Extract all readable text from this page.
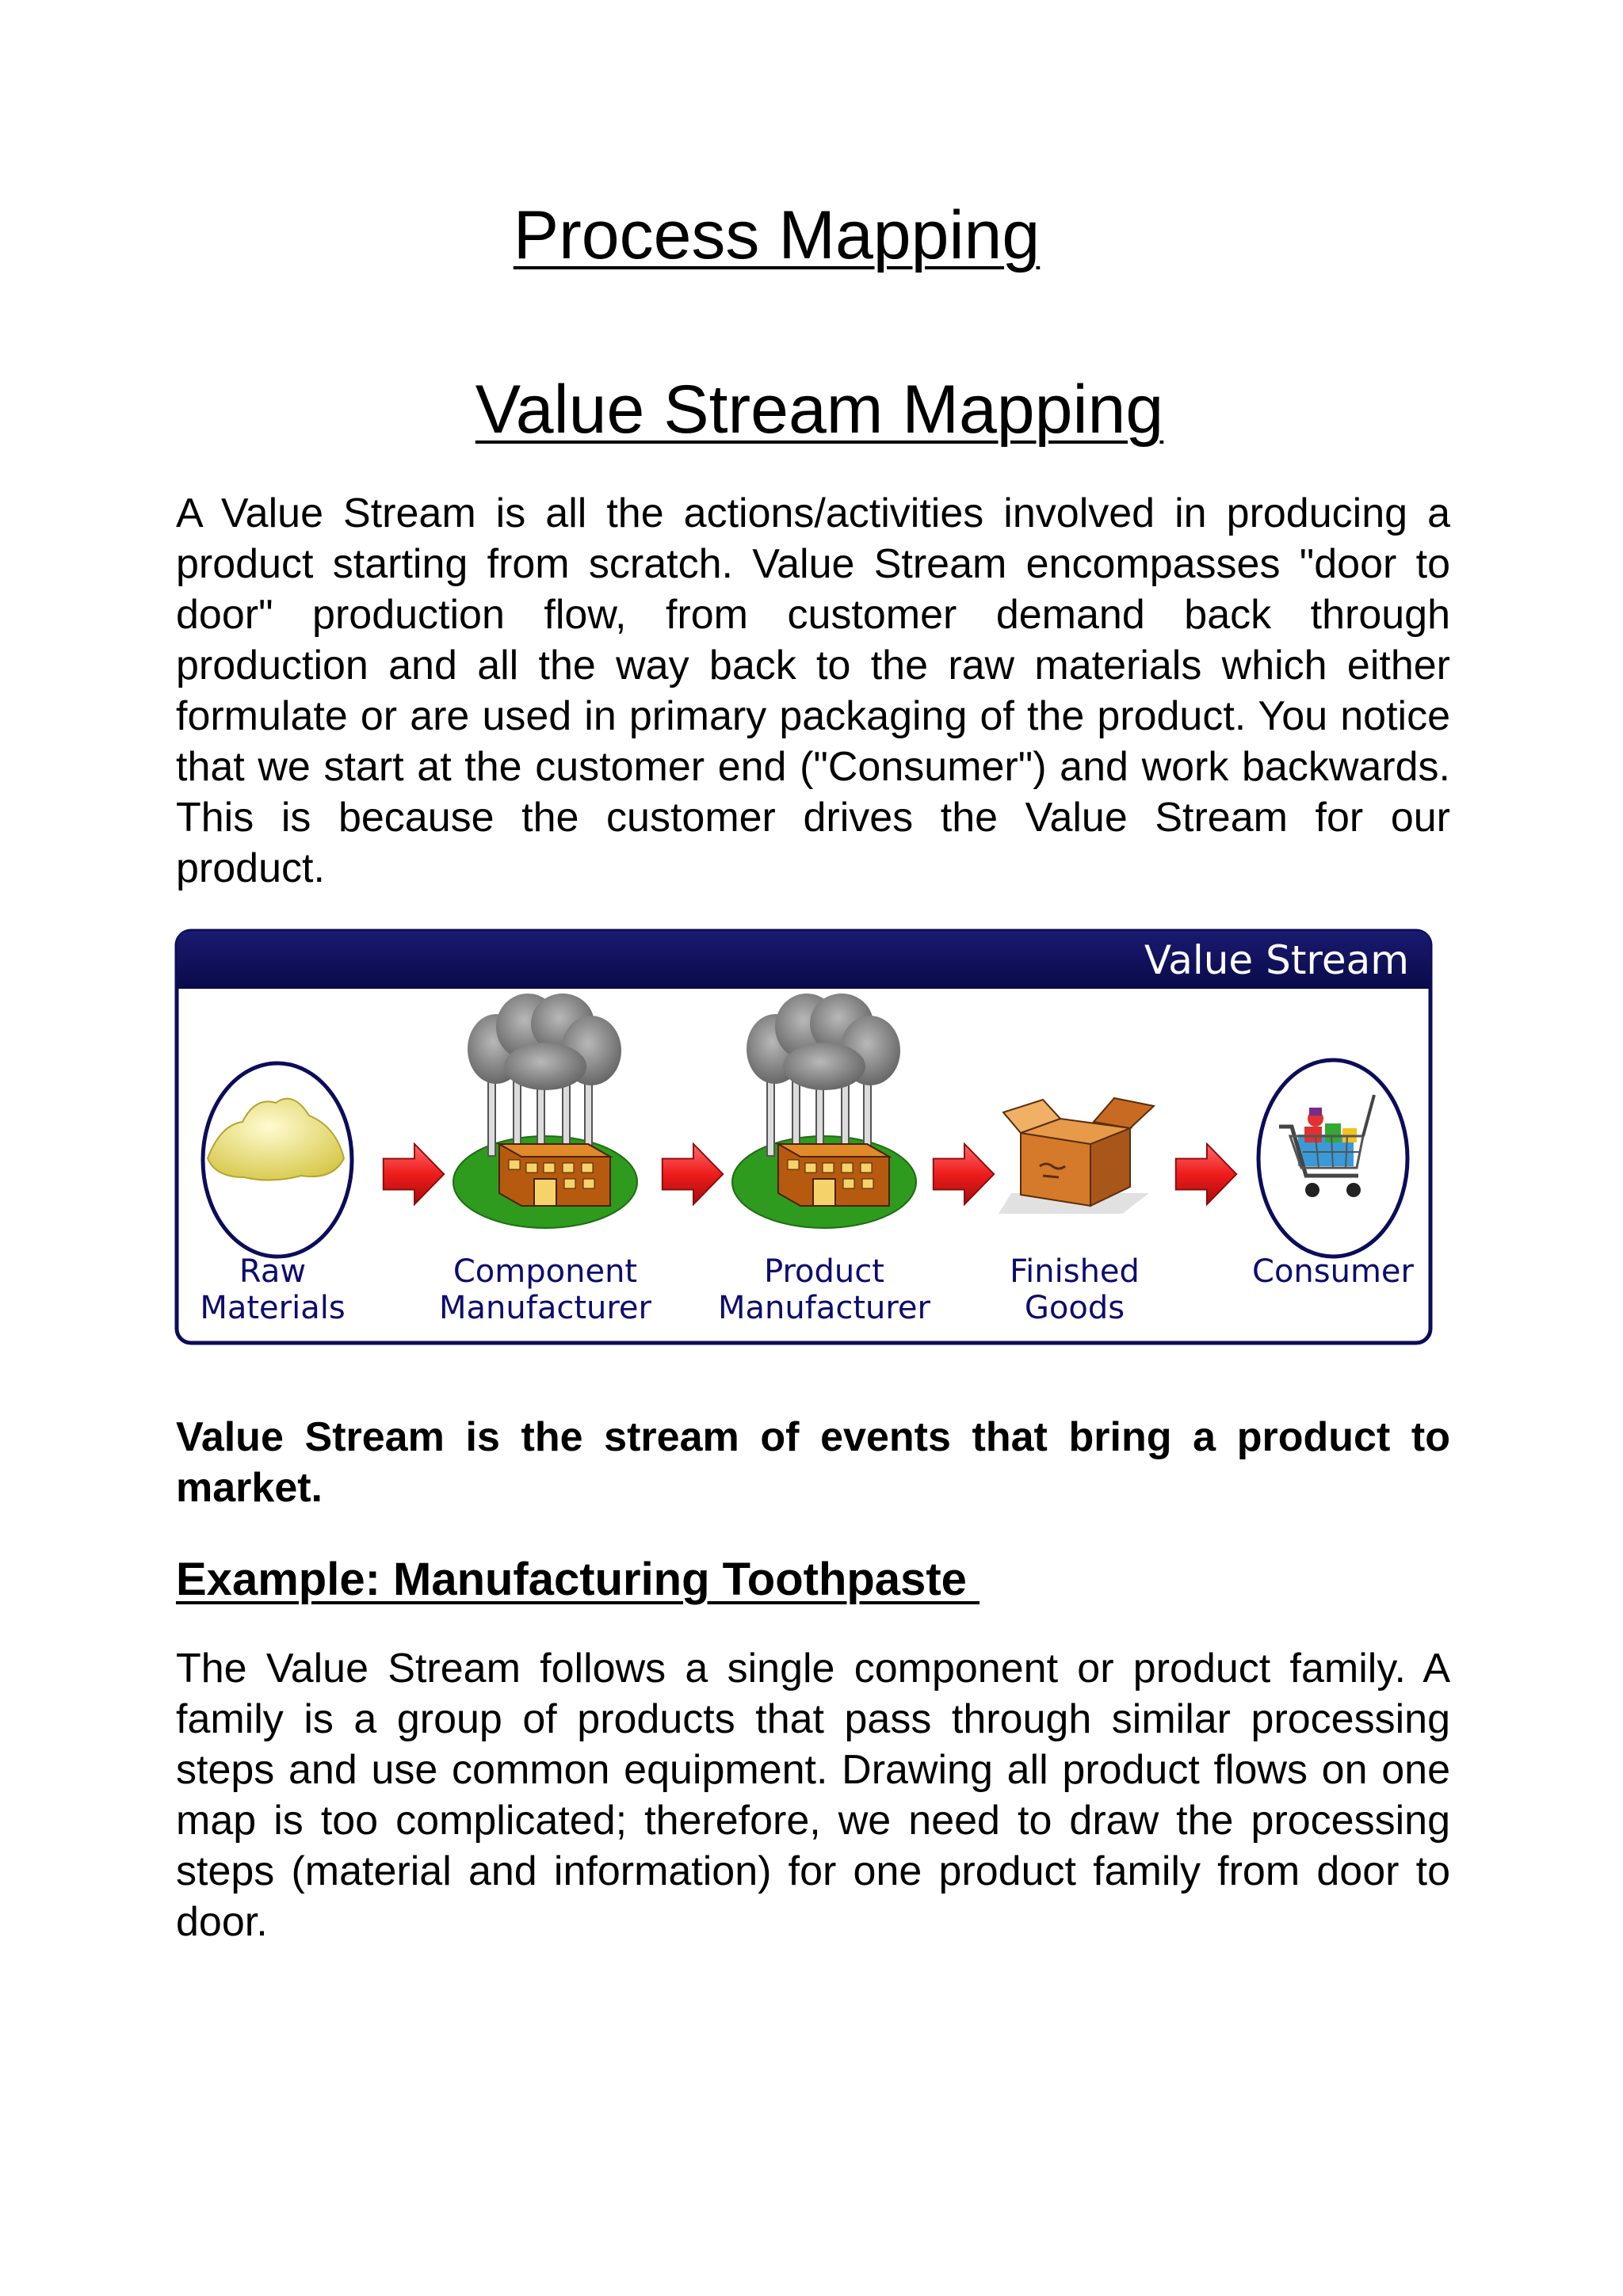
Process Mapping
Value Stream Mapping

A Value Stream is all the actions/activities involved in producing a product starting from scratch. Value Stream encompasses "door to door" production flow, from customer demand back through production and all the way back to the raw materials which either formulate or are used in primary packaging of the product. You notice that we start at the customer end ("Consumer") and work backwards. This is because the customer drives the Value Stream for our product.

Value Stream
Raw
Materials
Component
Manufacturer
Product
Manufacturer
Finished
Goods
Consumer

Value Stream is the stream of events that bring a product to market.

Example: Manufacturing Toothpaste

The Value Stream follows a single component or product family. A family is a group of products that pass through similar processing steps and use common equipment. Drawing all product flows on one map is too complicated; therefore, we need to draw the processing steps (material and information) for one product family from door to door.
